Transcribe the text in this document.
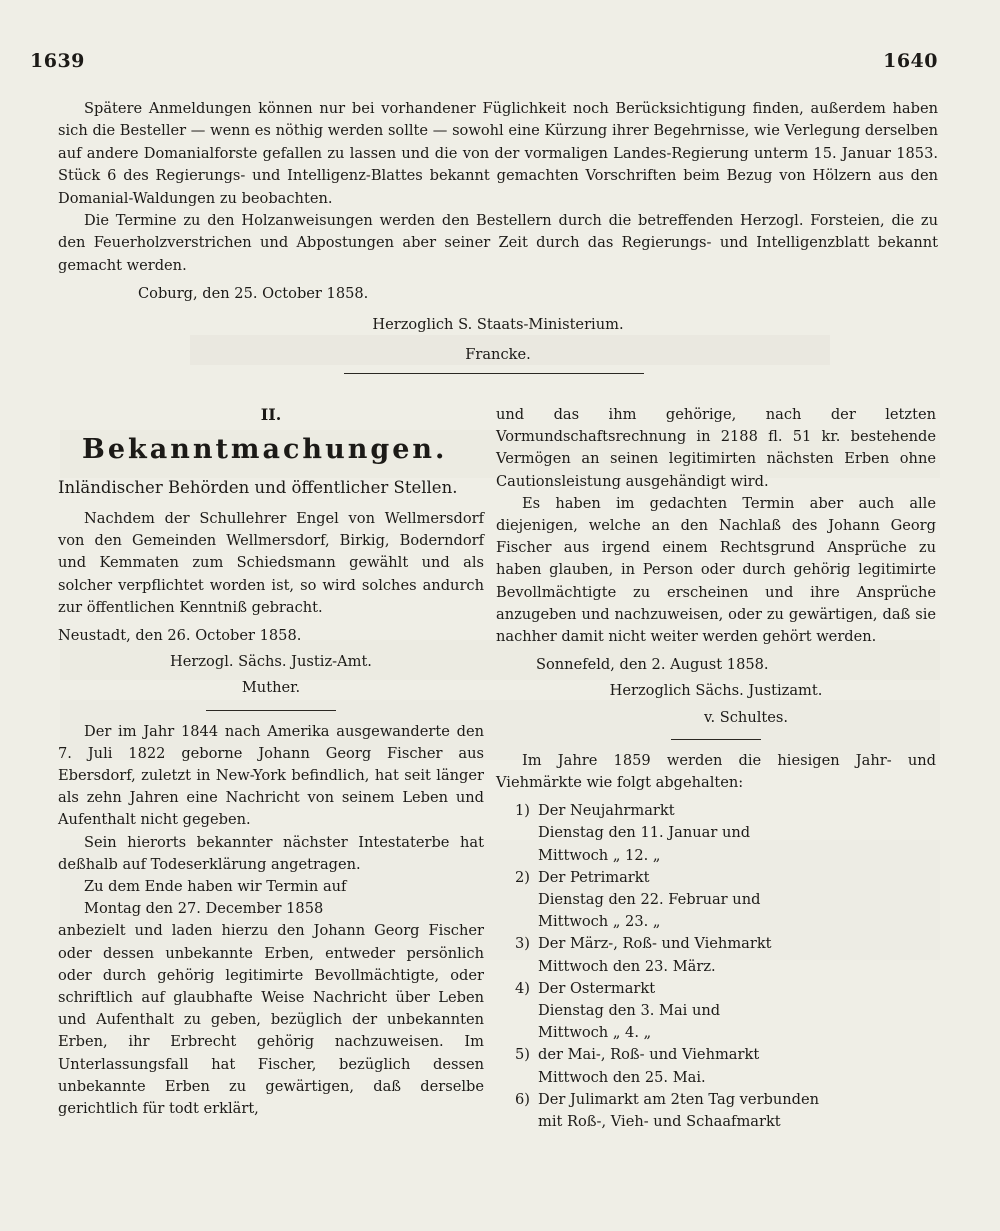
1639	1640

Spätere Anmeldungen können nur bei vorhandener Füglichkeit noch Berücksichtigung finden, außerdem haben sich die Besteller — wenn es nöthig werden sollte — sowohl eine Kürzung ihrer Begehrnisse, wie Verlegung derselben auf andere Domanialforste gefallen zu lassen und die von der vormaligen Landes-Regierung unterm 15. Januar 1853. Stück 6 des Regierungs- und Intelligenz-Blattes bekannt gemachten Vorschriften beim Bezug von Hölzern aus den Domanial-Waldungen zu beobachten.

Die Termine zu den Holzanweisungen werden den Bestellern durch die betreffenden Herzogl. Forsteien, die zu den Feuerholzverstrichen und Abpostungen aber seiner Zeit durch das Regierungs- und Intelligenzblatt bekannt gemacht werden.

Coburg, den 25. October 1858.

Herzoglich S. Staats-Ministerium.

Francke.

II.

Bekanntmachungen.

Inländischer Behörden und öffentlicher Stellen.

Nachdem der Schullehrer Engel von Wellmersdorf von den Gemeinden Wellmersdorf, Birkig, Boderndorf und Kemmaten zum Schiedsmann gewählt und als solcher verpflichtet worden ist, so wird solches andurch zur öffentlichen Kenntniß gebracht.

Neustadt, den 26. October 1858.

Herzogl. Sächs. Justiz-Amt.

Muther.

Der im Jahr 1844 nach Amerika ausgewanderte den 7. Juli 1822 geborne Johann Georg Fischer aus Ebersdorf, zuletzt in New-York befindlich, hat seit länger als zehn Jahren eine Nachricht von seinem Leben und Aufenthalt nicht gegeben.

Sein hierorts bekannter nächster Intestaterbe hat deßhalb auf Todeserklärung angetragen.

Zu dem Ende haben wir Termin auf

Montag den 27. December 1858

anbezielt und laden hierzu den Johann Georg Fischer oder dessen unbekannte Erben, entweder persönlich oder durch gehörig legitimirte Bevollmächtigte, oder schriftlich auf glaubhafte Weise Nachricht über Leben und Aufenthalt zu geben, bezüglich der unbekannten Erben, ihr Erbrecht gehörig nachzuweisen. Im Unterlassungsfall hat Fischer, bezüglich dessen unbekannte Erben zu gewärtigen, daß derselbe gerichtlich für todt erklärt,

und das ihm gehörige, nach der letzten Vormundschaftsrechnung in 2188 fl. 51 kr. bestehende Vermögen an seinen legitimirten nächsten Erben ohne Cautionsleistung ausgehändigt wird.

Es haben im gedachten Termin aber auch alle diejenigen, welche an den Nachlaß des Johann Georg Fischer aus irgend einem Rechtsgrund Ansprüche zu haben glauben, in Person oder durch gehörig legitimirte Bevollmächtigte zu erscheinen und ihre Ansprüche anzugeben und nachzuweisen, oder zu gewärtigen, daß sie nachher damit nicht weiter werden gehört werden.

Sonnefeld, den 2. August 1858.

Herzoglich Sächs. Justizamt.

v. Schultes.

Im Jahre 1859 werden die hiesigen Jahr- und Viehmärkte wie folgt abgehalten:

1) Der Neujahrmarkt
Dienstag den 11. Januar und
Mittwoch „ 12. „
2) Der Petrimarkt
Dienstag den 22. Februar und
Mittwoch „ 23. „
3) Der März-, Roß- und Viehmarkt
Mittwoch den 23. März.
4) Der Ostermarkt
Dienstag den 3. Mai und
Mittwoch „ 4. „
5) der Mai-, Roß- und Viehmarkt
Mittwoch den 25. Mai.
6) Der Julimarkt am 2ten Tag verbunden
mit Roß-, Vieh- und Schaafmarkt
